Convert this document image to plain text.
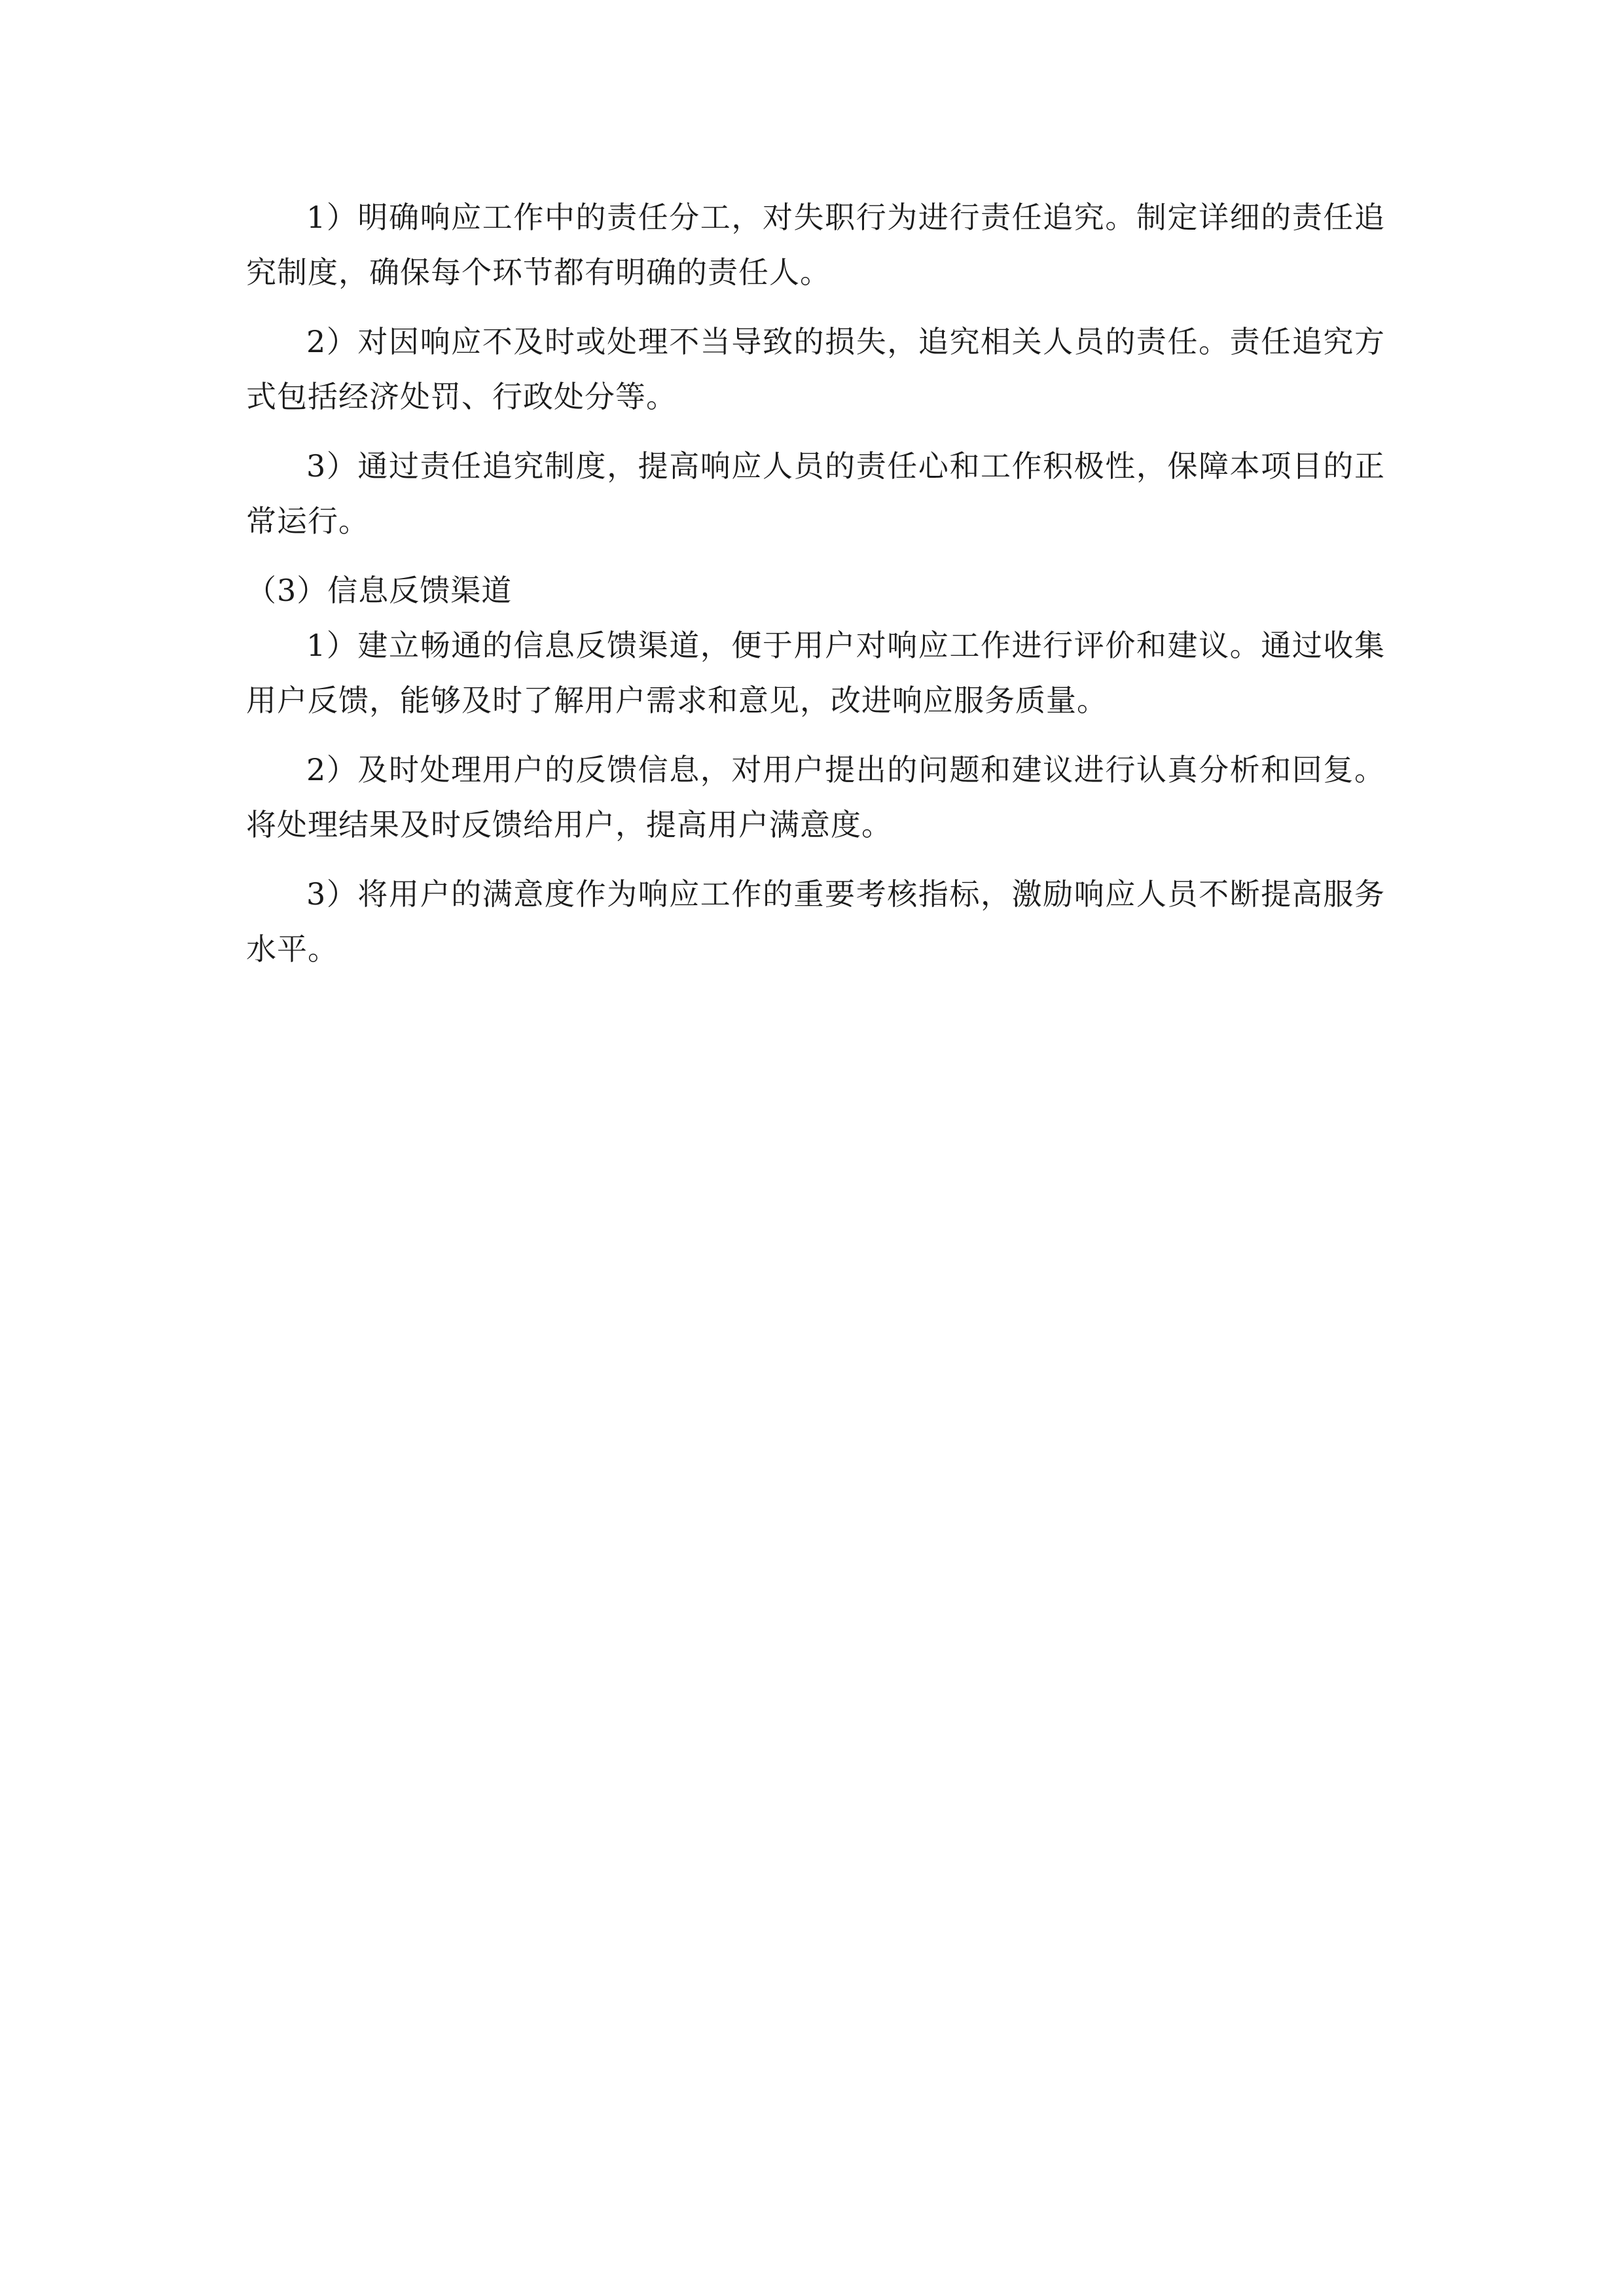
1）明确响应工作中的责任分工，对失职行为进行责任追究。制定详细的责任追究制度，确保每个环节都有明确的责任人。

2）对因响应不及时或处理不当导致的损失，追究相关人员的责任。责任追究方式包括经济处罚、行政处分等。

3）通过责任追究制度，提高响应人员的责任心和工作积极性，保障本项目的正常运行。

（3）信息反馈渠道

1）建立畅通的信息反馈渠道，便于用户对响应工作进行评价和建议。通过收集用户反馈，能够及时了解用户需求和意见，改进响应服务质量。

2）及时处理用户的反馈信息，对用户提出的问题和建议进行认真分析和回复。将处理结果及时反馈给用户，提高用户满意度。

3）将用户的满意度作为响应工作的重要考核指标，激励响应人员不断提高服务水平。
